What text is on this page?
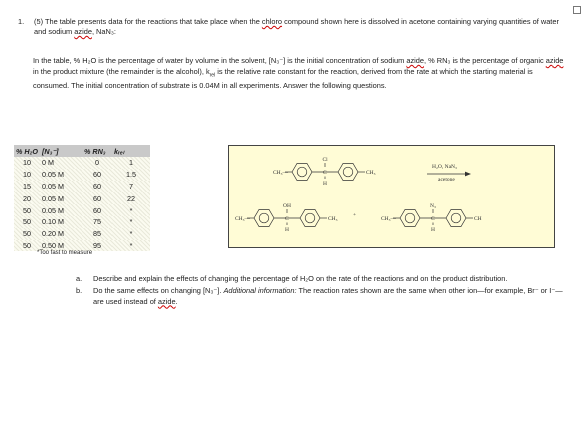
1. (5) The table presents data for the reactions that take place when the chloro compound shown here is dissolved in acetone containing varying quantities of water and sodium azide, NaN₃:
In the table, % H₂O is the percentage of water by volume in the solvent, [N₃⁻] is the initial concentration of sodium azide, % RN₃ is the percentage of organic azide in the product mixture (the remainder is the alcohol), $k_{rel}$ is the relative rate constant for the reaction, derived from the rate at which the starting material is consumed. The initial concentration of substrate is 0.04M in all experiments. Answer the following questions.
% H₂O	[N₃⁻]	% RN₃	kᵣₑₗ
10	0 M	0	1
10	0.05 M	60	1.5
15	0.05 M	60	7
20	0.05 M	60	22
50	0.05 M	60	*
50	0.10 M	75	*
50	0.20 M	85	*
50	0.50 M	95	*
*Too fast to measure
CH₃—
Cl
C
H
CH₃
H₂O, NaN₃
acetone
CH₃—
OH
C
H
CH₃
+
CH₃—
N₃
C
H
CH
a. Describe and explain the effects of changing the percentage of H₂O on the rate of the reactions and on the product distribution.
b. Do the same effects on changing [N₃⁻]. Additional information: The reaction rates shown are the same when other ion—for example, Br⁻ or I⁻—are used instead of azide.
